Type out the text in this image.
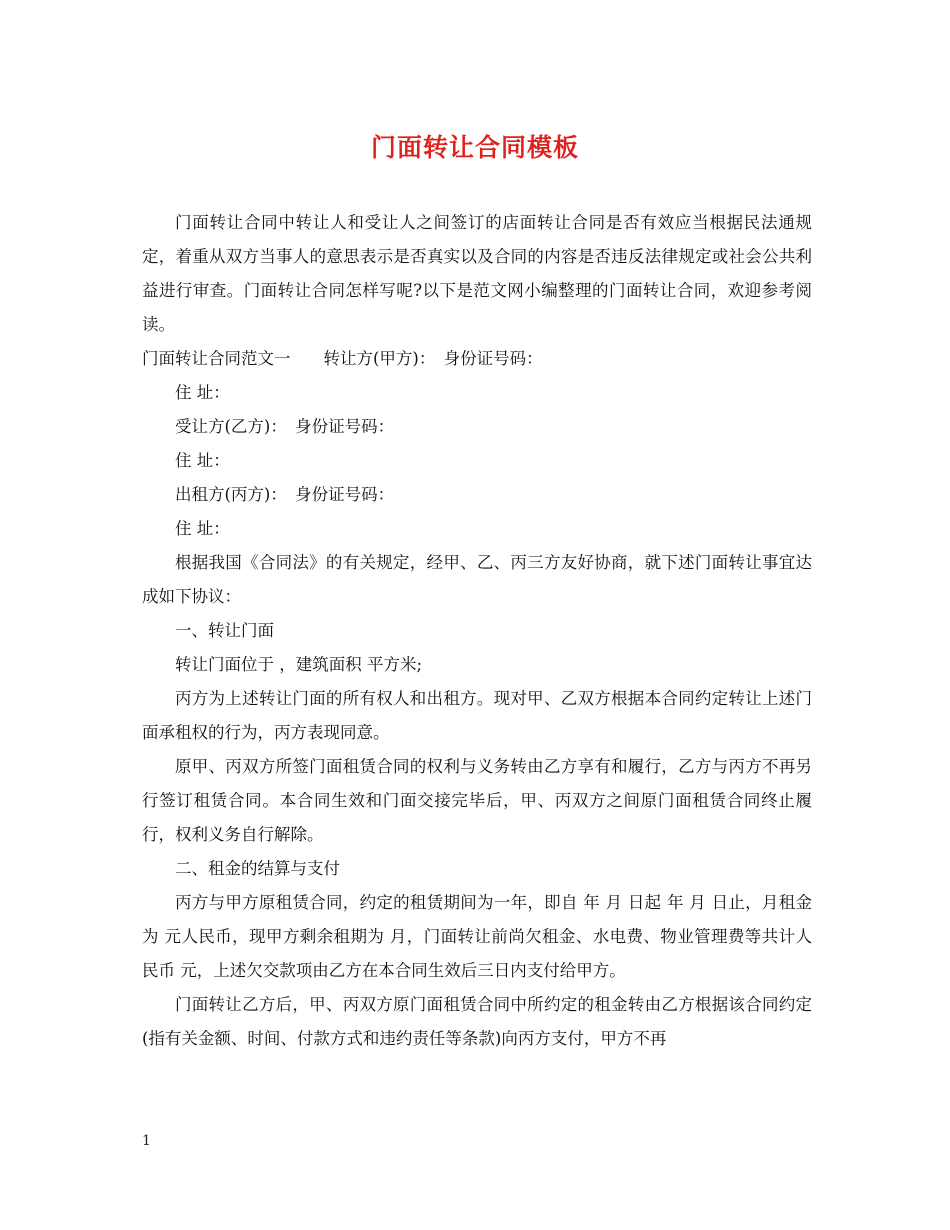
门面转让合同模板

门面转让合同中转让人和受让人之间签订的店面转让合同是否有效应当根据民法通规定，着重从双方当事人的意思表示是否真实以及合同的内容是否违反法律规定或社会公共利益进行审查。门面转让合同怎样写呢?以下是范文网小编整理的门面转让合同，欢迎参考阅读。

门面转让合同范文一　　转让方(甲方)：　身份证号码：

住 址：

受让方(乙方)：　身份证号码：

住 址：

出租方(丙方)：　身份证号码：

住 址：

根据我国《合同法》的有关规定，经甲、乙、丙三方友好协商，就下述门面转让事宜达成如下协议：

一、转让门面

转让门面位于 ，建筑面积 平方米;

丙方为上述转让门面的所有权人和出租方。现对甲、乙双方根据本合同约定转让上述门面承租权的行为，丙方表现同意。

原甲、丙双方所签门面租赁合同的权利与义务转由乙方享有和履行，乙方与丙方不再另行签订租赁合同。本合同生效和门面交接完毕后，甲、丙双方之间原门面租赁合同终止履行，权利义务自行解除。

二、租金的结算与支付

丙方与甲方原租赁合同，约定的租赁期间为一年，即自 年 月 日起 年 月 日止，月租金为 元人民币，现甲方剩余租期为 月，门面转让前尚欠租金、水电费、物业管理费等共计人民币 元，上述欠交款项由乙方在本合同生效后三日内支付给甲方。

门面转让乙方后，甲、丙双方原门面租赁合同中所约定的租金转由乙方根据该合同约定(指有关金额、时间、付款方式和违约责任等条款)向丙方支付，甲方不再

1
